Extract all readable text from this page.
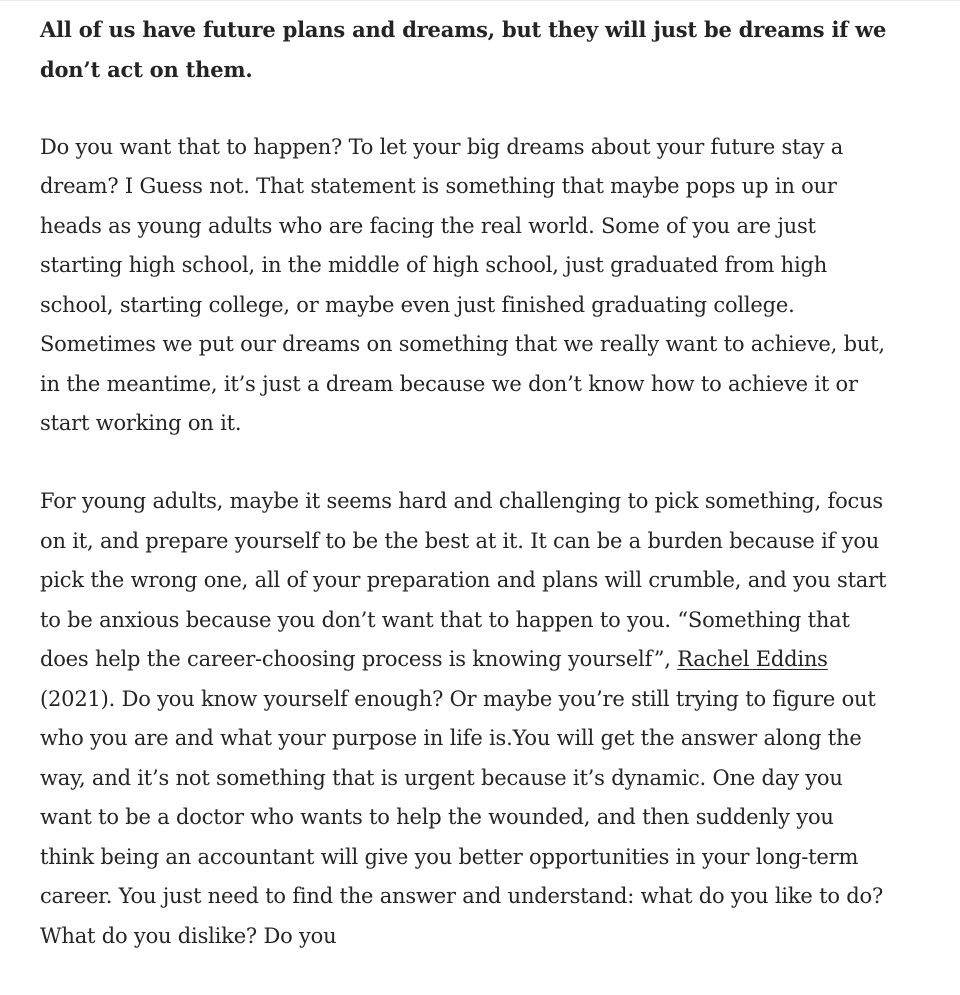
All of us have future plans and dreams, but they will just be dreams if we don’t act on them.

Do you want that to happen? To let your big dreams about your future stay a dream? I Guess not. That statement is something that maybe pops up in our heads as young adults who are facing the real world. Some of you are just starting high school, in the middle of high school, just graduated from high school, starting college, or maybe even just finished graduating college. Sometimes we put our dreams on something that we really want to achieve, but, in the meantime, it’s just a dream because we don’t know how to achieve it or start working on it.

For young adults, maybe it seems hard and challenging to pick something, focus on it, and prepare yourself to be the best at it. It can be a burden because if you pick the wrong one, all of your preparation and plans will crumble, and you start to be anxious because you don’t want that to happen to you. “Something that does help the career-choosing process is knowing yourself”, Rachel Eddins (2021). Do you know yourself enough? Or maybe you’re still trying to figure out who you are and what your purpose in life is.You will get the answer along the way, and it’s not something that is urgent because it’s dynamic. One day you want to be a doctor who wants to help the wounded, and then suddenly you think being an accountant will give you better opportunities in your long-term career. You just need to find the answer and understand: what do you like to do? What do you dislike? Do you
